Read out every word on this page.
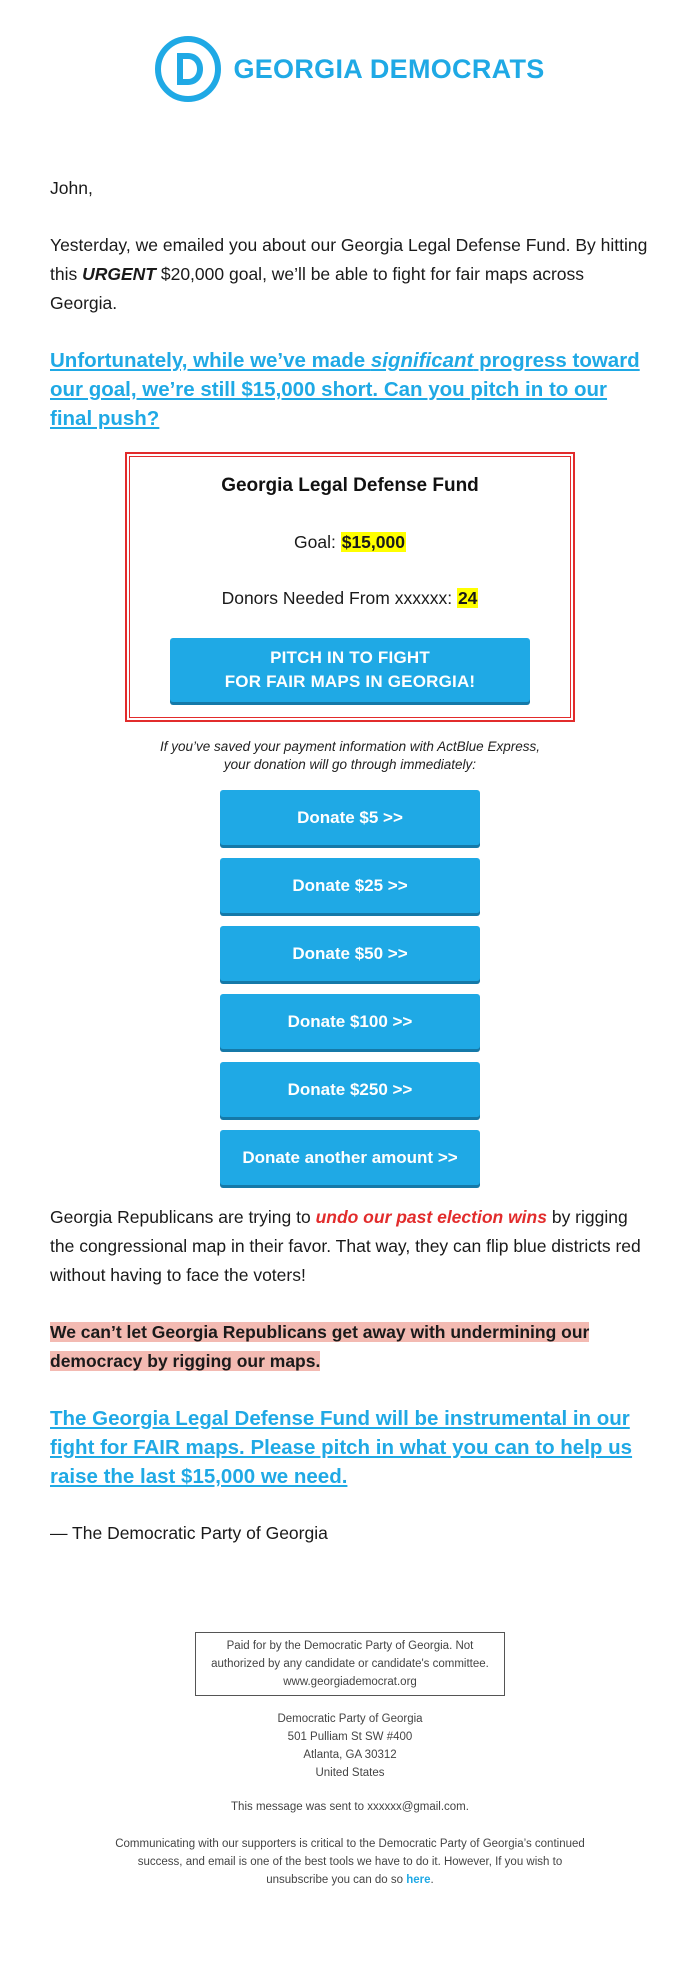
GEORGIA DEMOCRATS

John,

Yesterday, we emailed you about our Georgia Legal Defense Fund. By hitting this URGENT $20,000 goal, we’ll be able to fight for fair maps across Georgia.

Unfortunately, while we’ve made significant progress toward our goal, we’re still $15,000 short. Can you pitch in to our final push?
Georgia Legal Defense Fund
Goal: $15,000
Donors Needed From xxxxxx: 24
PITCH IN TO FIGHT
FOR FAIR MAPS IN GEORGIA!
If you’ve saved your payment information with ActBlue Express,
your donation will go through immediately:
Donate $5 >>
Donate $25 >>
Donate $50 >>
Donate $100 >>
Donate $250 >>
Donate another amount >>

Georgia Republicans are trying to undo our past election wins by rigging the congressional map in their favor. That way, they can flip blue districts red without having to face the voters!

We can’t let Georgia Republicans get away with undermining our democracy by rigging our maps.

The Georgia Legal Defense Fund will be instrumental in our fight for FAIR maps. Please pitch in what you can to help us raise the last $15,000 we need.

— The Democratic Party of Georgia

Paid for by the Democratic Party of Georgia. Not
authorized by any candidate or candidate's committee.
www.georgiademocrat.org
Democratic Party of Georgia
501 Pulliam St SW #400
Atlanta, GA 30312
United States
This message was sent to xxxxxx@gmail.com.
Communicating with our supporters is critical to the Democratic Party of Georgia’s continued
success, and email is one of the best tools we have to do it. However, If you wish to
unsubscribe you can do so here.
